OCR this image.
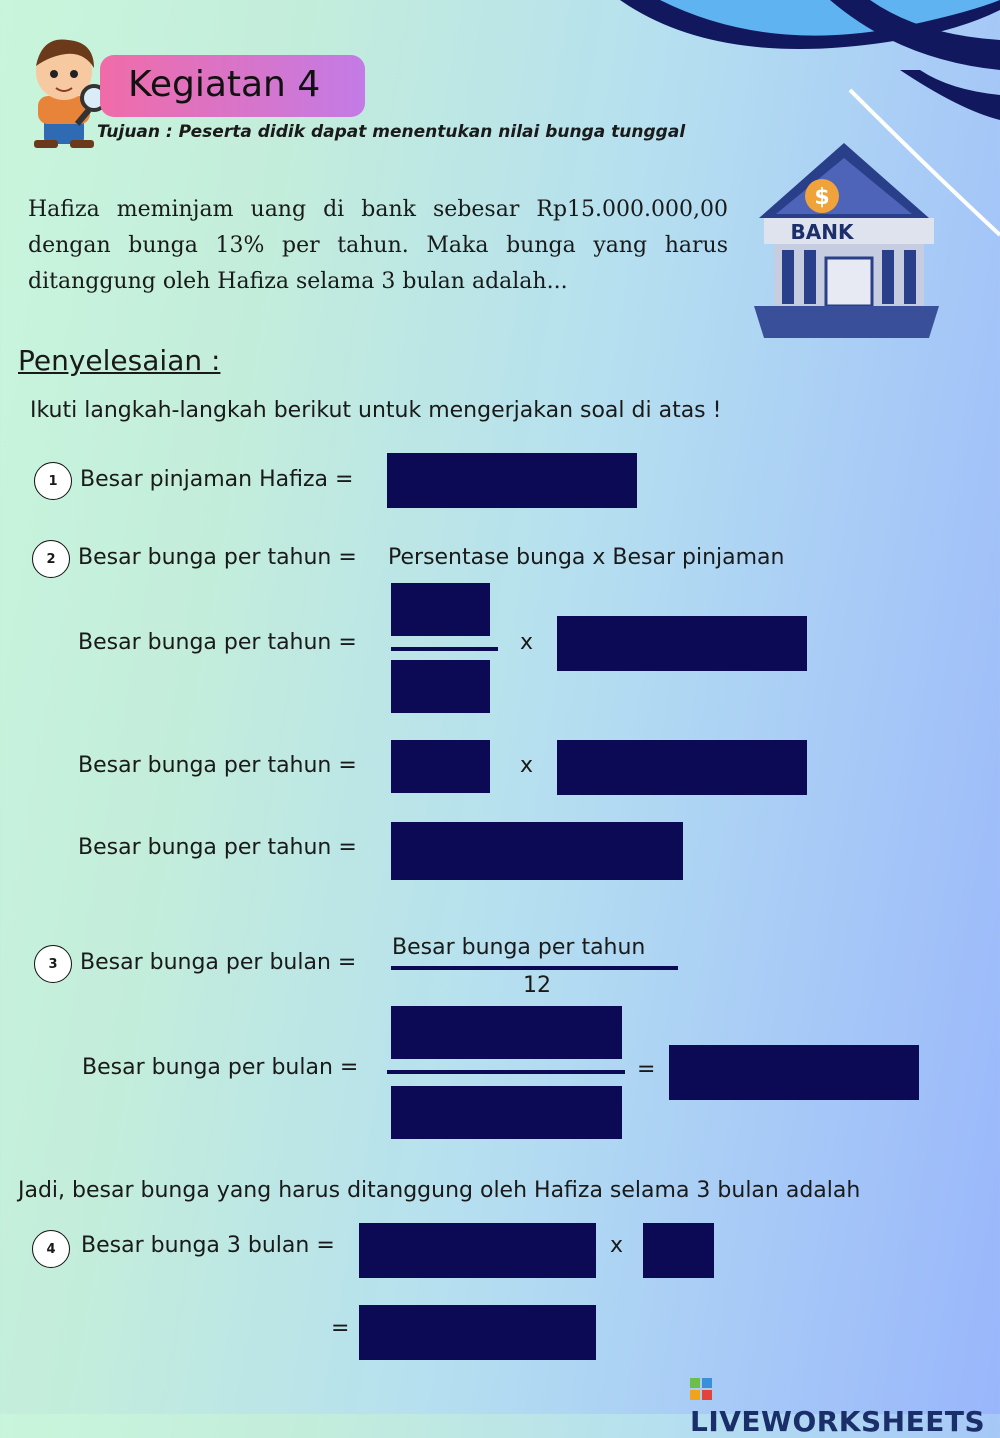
Kegiatan 4
Tujuan : Peserta didik dapat menentukan nilai bunga tunggal
Hafiza meminjam uang di bank sebesar Rp15.000.000,00 dengan bunga 13% per tahun. Maka bunga yang harus ditanggung oleh Hafiza selama 3 bulan adalah...
$
BANK
Penyelesaian :
Ikuti langkah-langkah berikut untuk mengerjakan soal di atas !
1	Besar pinjaman Hafiza =
2	Besar bunga per tahun = Persentase bunga x Besar pinjaman
Besar bunga per tahun =	x
Besar bunga per tahun =	x
Besar bunga per tahun =
3	Besar bunga per bulan =
Besar bunga per tahun
12
Besar bunga per bulan =	=
Jadi, besar bunga yang harus ditanggung oleh Hafiza selama 3 bulan adalah
4	Besar bunga 3 bulan =	x
=
LIVEWORKSHEETS
